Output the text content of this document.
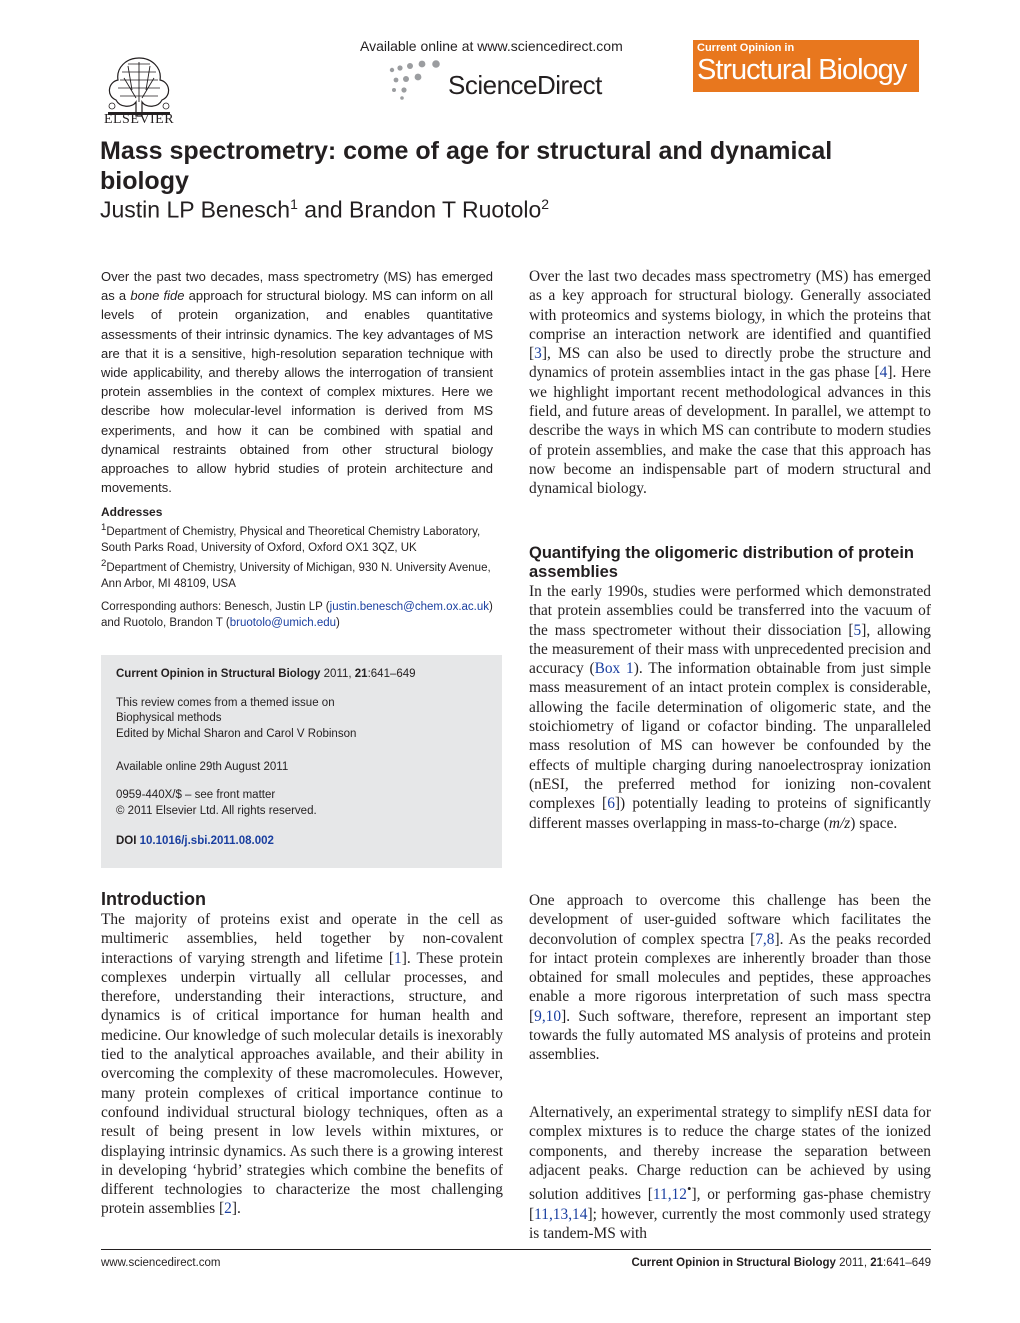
ELSEVIER
Available online at www.sciencedirect.com
ScienceDirect
Current Opinion in
Structural Biology
Mass spectrometry: come of age for structural and dynamical biology
Justin LP Benesch$^1$ and Brandon T Ruotolo$^2$
Over the past two decades, mass spectrometry (MS) has emerged as a bone fide approach for structural biology. MS can inform on all levels of protein organization, and enables quantitative assessments of their intrinsic dynamics. The key advantages of MS are that it is a sensitive, high-resolution separation technique with wide applicability, and thereby allows the interrogation of transient protein assemblies in the context of complex mixtures. Here we describe how molecular-level information is derived from MS experiments, and how it can be combined with spatial and dynamical restraints obtained from other structural biology approaches to allow hybrid studies of protein architecture and movements.
Addresses
$^1$Department of Chemistry, Physical and Theoretical Chemistry Laboratory, South Parks Road, University of Oxford, Oxford OX1 3QZ, UK
$^2$Department of Chemistry, University of Michigan, 930 N. University Avenue, Ann Arbor, MI 48109, USA
Corresponding authors: Benesch, Justin LP (justin.benesch@chem.ox.ac.uk) and Ruotolo, Brandon T (bruotolo@umich.edu)
Current Opinion in Structural Biology 2011, 21:641–649
This review comes from a themed issue on
Biophysical methods
Edited by Michal Sharon and Carol V Robinson
Available online 29th August 2011
0959-440X/$ – see front matter
© 2011 Elsevier Ltd. All rights reserved.
DOI 10.1016/j.sbi.2011.08.002
Introduction
The majority of proteins exist and operate in the cell as multimeric assemblies, held together by non-covalent interactions of varying strength and lifetime [1]. These protein complexes underpin virtually all cellular processes, and therefore, understanding their interactions, structure, and dynamics is of critical importance for human health and medicine. Our knowledge of such molecular details is inexorably tied to the analytical approaches available, and their ability in overcoming the complexity of these macromolecules. However, many protein complexes of critical importance continue to confound individual structural biology techniques, often as a result of being present in low levels within mixtures, or displaying intrinsic dynamics. As such there is a growing interest in developing ‘hybrid’ strategies which combine the benefits of different technologies to characterize the most challenging protein assemblies [2].
Over the last two decades mass spectrometry (MS) has emerged as a key approach for structural biology. Generally associated with proteomics and systems biology, in which the proteins that comprise an interaction network are identified and quantified [3], MS can also be used to directly probe the structure and dynamics of protein assemblies intact in the gas phase [4]. Here we highlight important recent methodological advances in this field, and future areas of development. In parallel, we attempt to describe the ways in which MS can contribute to modern studies of protein assemblies, and make the case that this approach has now become an indispensable part of modern structural and dynamical biology.
Quantifying the oligomeric distribution of protein assemblies
In the early 1990s, studies were performed which demonstrated that protein assemblies could be transferred into the vacuum of the mass spectrometer without their dissociation [5], allowing the measurement of their mass with unprecedented precision and accuracy (Box 1). The information obtainable from just simple mass measurement of an intact protein complex is considerable, allowing the facile determination of oligomeric state, and the stoichiometry of ligand or cofactor binding. The unparalleled mass resolution of MS can however be confounded by the effects of multiple charging during nanoelectrospray ionization (nESI, the preferred method for ionizing non-covalent complexes [6]) potentially leading to proteins of significantly different masses overlapping in mass-to-charge (m/z) space.
One approach to overcome this challenge has been the development of user-guided software which facilitates the deconvolution of complex spectra [7,8]. As the peaks recorded for intact protein complexes are inherently broader than those obtained for small molecules and peptides, these approaches enable a more rigorous interpretation of such mass spectra [9,10]. Such software, therefore, represent an important step towards the fully automated MS analysis of proteins and protein assemblies.
Alternatively, an experimental strategy to simplify nESI data for complex mixtures is to reduce the charge states of the ionized components, and thereby increase the separation between adjacent peaks. Charge reduction can be achieved by using solution additives [11,12•], or performing gas-phase chemistry [11,13,14]; however, currently the most commonly used strategy is tandem-MS with
www.sciencedirect.com	Current Opinion in Structural Biology 2011, 21:641–649
